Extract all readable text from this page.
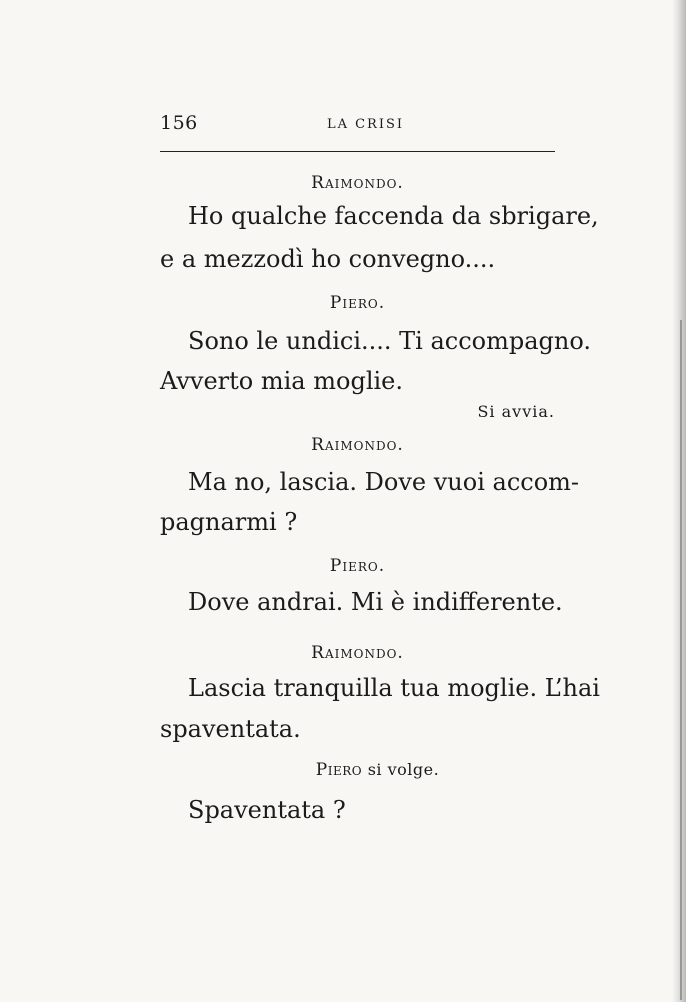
156	LA CRISI
Raimondo.
Ho qualche faccenda da sbrigare,
e a mezzodì ho convegno....
Piero.
Sono le undici.... Ti accompagno.
Avverto mia moglie.
Si avvia.
Raimondo.
Ma no, lascia. Dove vuoi accom-
pagnarmi ?
Piero.
Dove andrai. Mi è indifferente.
Raimondo.
Lascia tranquilla tua moglie. L’hai
spaventata.
Piero si volge.
Spaventata ?
